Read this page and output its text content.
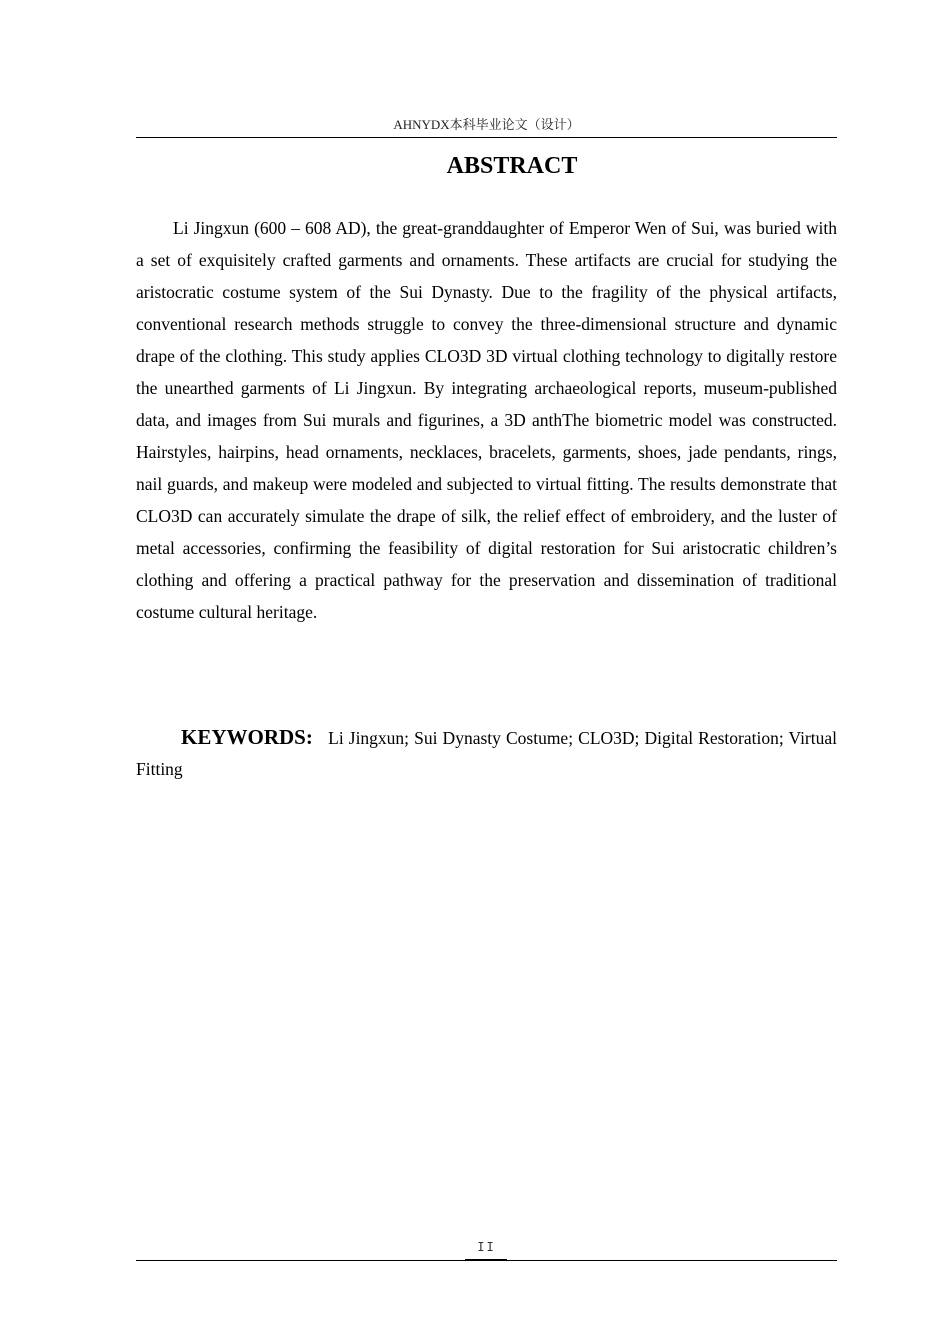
AHNYDX本科毕业论文（设计）
ABSTRACT

Li Jingxun (600 – 608 AD), the great-granddaughter of Emperor Wen of Sui, was buried with a set of exquisitely crafted garments and ornaments. These artifacts are crucial for studying the aristocratic costume system of the Sui Dynasty. Due to the fragility of the physical artifacts, conventional research methods struggle to convey the three-dimensional structure and dynamic drape of the clothing. This study applies CLO3D 3D virtual clothing technology to digitally restore the unearthed garments of Li Jingxun. By integrating archaeological reports, museum-published data, and images from Sui murals and figurines, a 3D anthThe biometric model was constructed. Hairstyles, hairpins, head ornaments, necklaces, bracelets, garments, shoes, jade pendants, rings, nail guards, and makeup were modeled and subjected to virtual fitting. The results demonstrate that CLO3D can accurately simulate the drape of silk, the relief effect of embroidery, and the luster of metal accessories, confirming the feasibility of digital restoration for Sui aristocratic children’s clothing and offering a practical pathway for the preservation and dissemination of traditional costume cultural heritage.

KEYWORDS: Li Jingxun; Sui Dynasty Costume; CLO3D; Digital Restoration; Virtual Fitting

II
